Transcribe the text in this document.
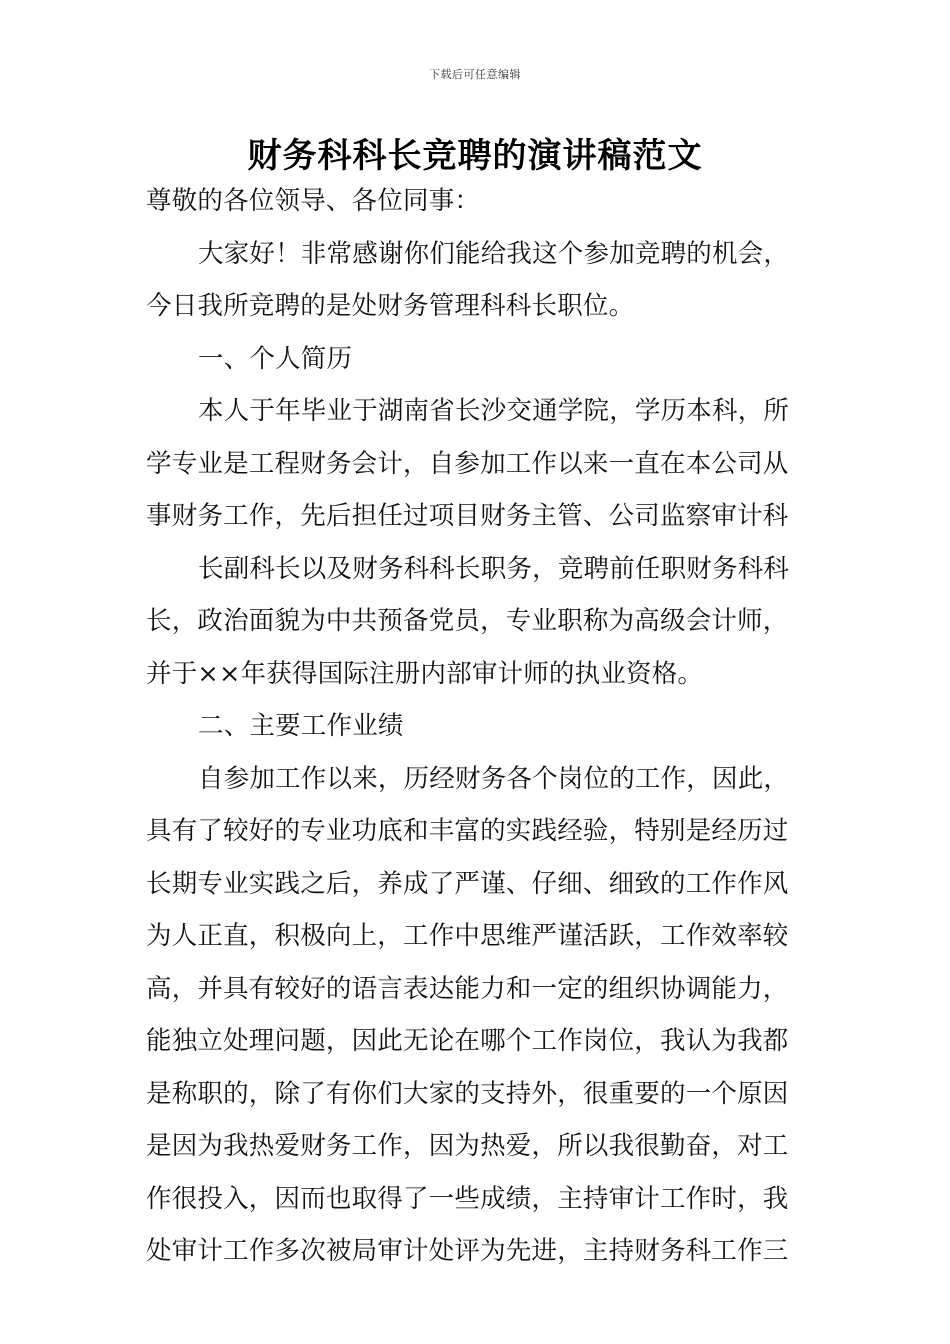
下载后可任意编辑
财务科科长竞聘的演讲稿范文
尊敬的各位领导、各位同事：
大家好！非常感谢你们能给我这个参加竞聘的机会，
今日我所竞聘的是处财务管理科科长职位。
一、个人简历
本人于年毕业于湖南省长沙交通学院，学历本科，所
学专业是工程财务会计，自参加工作以来一直在本公司从
事财务工作，先后担任过项目财务主管、公司监察审计科
长副科长以及财务科科长职务，竞聘前任职财务科科
长，政治面貌为中共预备党员，专业职称为高级会计师，
并于××年获得国际注册内部审计师的执业资格。
二、主要工作业绩
自参加工作以来，历经财务各个岗位的工作，因此，
具有了较好的专业功底和丰富的实践经验，特别是经历过
长期专业实践之后，养成了严谨、仔细、细致的工作作风
为人正直，积极向上，工作中思维严谨活跃，工作效率较
高，并具有较好的语言表达能力和一定的组织协调能力，
能独立处理问题，因此无论在哪个工作岗位，我认为我都
是称职的，除了有你们大家的支持外，很重要的一个原因
是因为我热爱财务工作，因为热爱，所以我很勤奋，对工
作很投入，因而也取得了一些成绩，主持审计工作时，我
处审计工作多次被局审计处评为先进，主持财务科工作三
